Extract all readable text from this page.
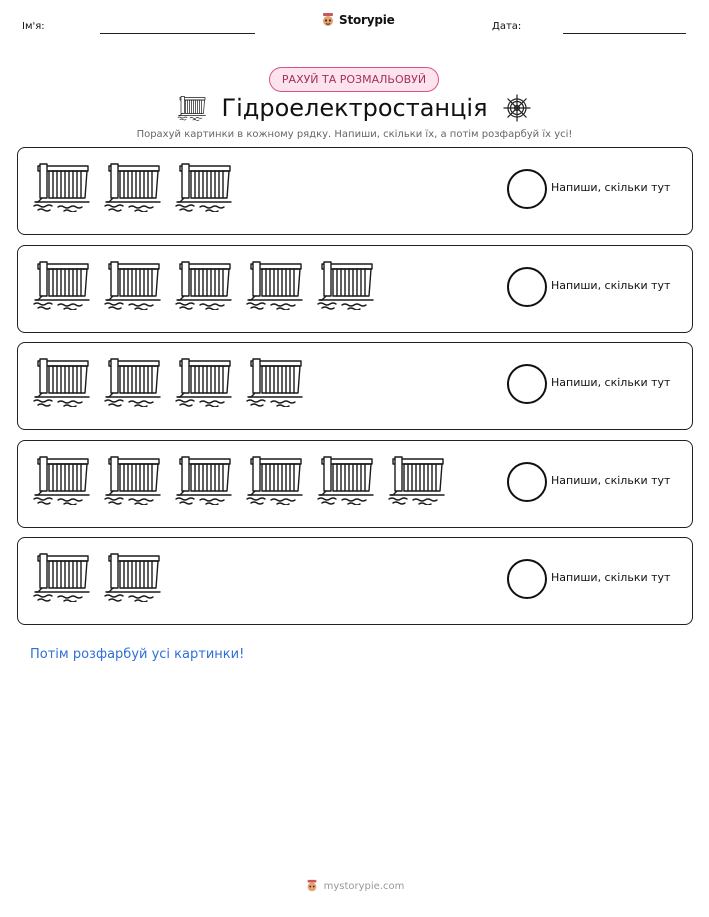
Ім'я:	Storypie	Дата:
РАХУЙ ТА РОЗМАЛЬОВУЙ
Гідроелектростанція
Порахуй картинки в кожному рядку. Напиши, скільки їх, а потім розфарбуй їх усі!
Напиши, скільки тут
Напиши, скільки тут
Напиши, скільки тут
Напиши, скільки тут
Напиши, скільки тут
Потім розфарбуй усі картинки!
mystorypie.com
